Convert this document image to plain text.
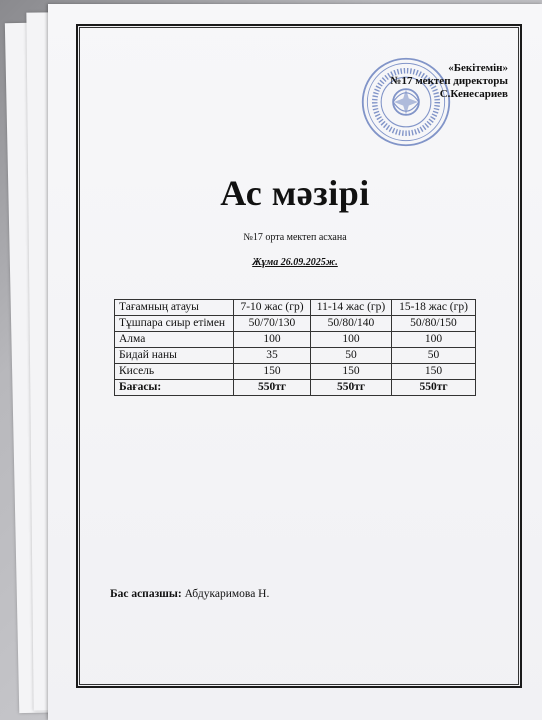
«Бекітемін»
№17 мектеп директоры
С.Кенесариев
Ас мәзірі
№17 орта мектеп асхана
Жұма 26.09.2025ж.
Тағамның атауы	7-10 жас (гр)	11-14 жас (гр)	15-18 жас (гр)
Тұшпара сиыр етімен	50/70/130	50/80/140	50/80/150
Алма	100	100	100
Бидай наны	35	50	50
Кисель	150	150	150
Бағасы:	550тг	550тг	550тг
Бас аспазшы: Абдукаримова Н.
